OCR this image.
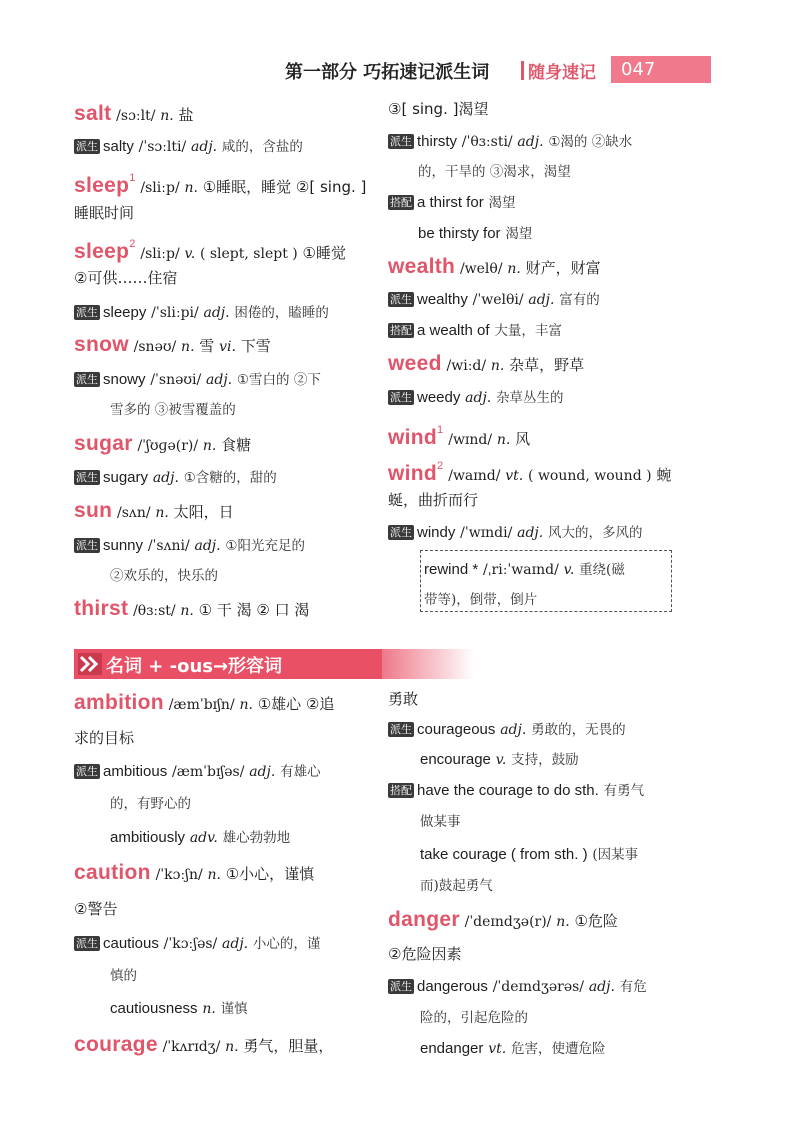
第一部分 巧拓速记派生词 随身速记	047
salt /sɔːlt/ n. 盐
派生 salty /ˈsɔːlti/ adj. 咸的，含盐的
sleep$^1$ /sliːp/ n. ①睡眠，睡觉 ②[ sing. ]
睡眠时间
sleep$^2$ /sliːp/ v. ( slept, slept ) ①睡觉
②可供……住宿
派生 sleepy /ˈsliːpi/ adj. 困倦的，瞌睡的
snow /snəʊ/ n. 雪 vi. 下雪
派生 snowy /ˈsnəʊi/ adj. ①雪白的 ②下
雪多的 ③被雪覆盖的
sugar /ˈʃʊɡə(r)/ n. 食糖
派生 sugary adj. ①含糖的，甜的
sun /sʌn/ n. 太阳，日
派生 sunny /ˈsʌni/ adj. ①阳光充足的
②欢乐的，快乐的
thirst /θɜːst/ n. ① 干 渴 ② 口 渴
③[ sing. ]渴望
派生 thirsty /ˈθɜːsti/ adj. ①渴的 ②缺水
的，干旱的 ③渴求，渴望
搭配 a thirst for 渴望
be thirsty for 渴望
wealth /welθ/ n. 财产，财富
派生 wealthy /ˈwelθi/ adj. 富有的
搭配 a wealth of 大量，丰富
weed /wiːd/ n. 杂草，野草
派生 weedy adj. 杂草丛生的
wind$^1$ /wɪnd/ n. 风
wind$^2$ /waɪnd/ vt. ( wound, wound ) 蜿
蜒，曲折而行
派生 windy /ˈwɪndi/ adj. 风大的，多风的
rewind * /ˌriːˈwaɪnd/ v. 重绕(磁
带等)，倒带，倒片
名词 + -ous→形容词
ambition /æmˈbɪʃn/ n. ①雄心 ②追
求的目标
派生 ambitious /æmˈbɪʃəs/ adj. 有雄心
的，有野心的
ambitiously adv. 雄心勃勃地
caution /ˈkɔːʃn/ n. ①小心，谨慎
②警告
派生 cautious /ˈkɔːʃəs/ adj. 小心的，谨
慎的
cautiousness n. 谨慎
courage /ˈkʌrɪdʒ/ n. 勇气，胆量，
勇敢
派生 courageous adj. 勇敢的，无畏的
encourage v. 支持，鼓励
搭配 have the courage to do sth. 有勇气
做某事
take courage ( from sth. ) (因某事
而)鼓起勇气
danger /ˈdeɪndʒə(r)/ n. ①危险
②危险因素
派生 dangerous /ˈdeɪndʒərəs/ adj. 有危
险的，引起危险的
endanger vt. 危害，使遭危险
